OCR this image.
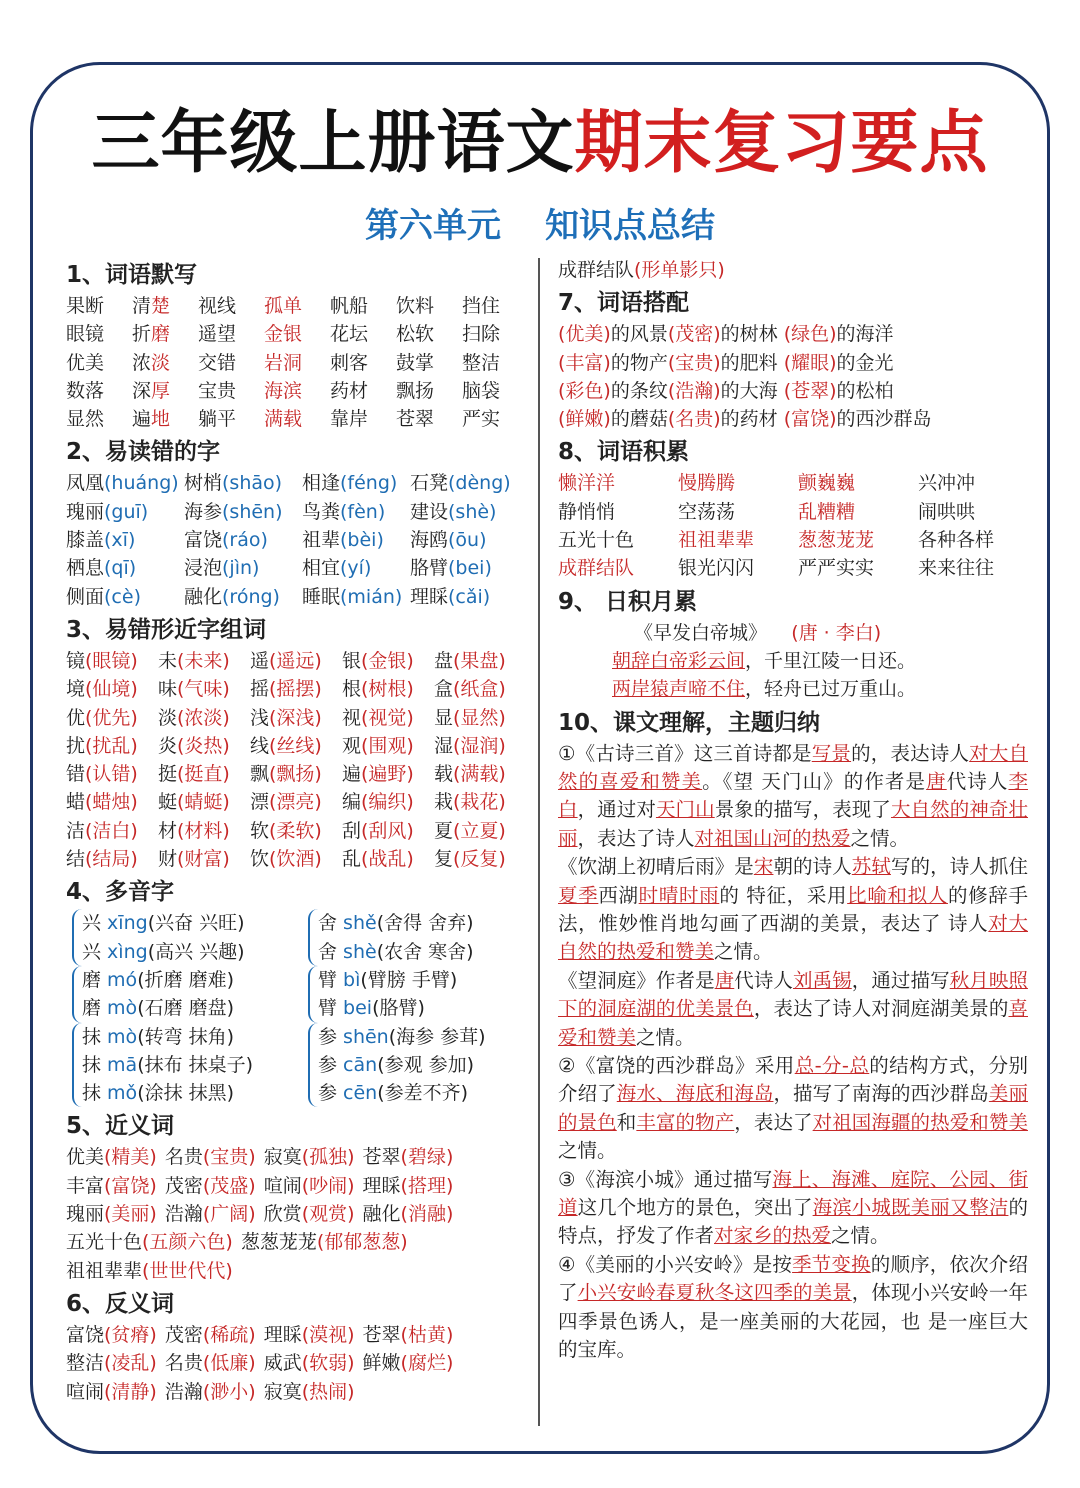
三年级上册语文期末复习要点
第六单元 知识点总结
1、词语默写
果断	清楚	视线	孤单	帆船	饮料	挡住
眼镜	折磨	遥望	金银	花坛	松软	扫除
优美	浓淡	交错	岩洞	刺客	鼓掌	整洁
数落	深厚	宝贵	海滨	药材	飘扬	脑袋
显然	遍地	躺平	满载	靠岸	苍翠	严实
2、易读错的字
凤凰(huáng) 树梢(shāo)	相逢(féng) 石凳(dèng)
瑰丽(guī)	海参(shēn)	鸟粪(fèn)	建设(shè)
膝盖(xī)	富饶(ráo)	祖辈(bèi)	海鸥(ōu)
栖息(qī)	浸泡(jìn)	相宜(yí)	胳臂(bei)
侧面(cè)	融化(róng)	睡眠(mián) 理睬(cǎi)
3、易错形近字组词
镜(眼镜)	未(未来)	遥(遥远)	银(金银)	盘(果盘)
境(仙境)	味(气味)	摇(摇摆)	根(树根)	盒(纸盒)
优(优先)	淡(浓淡)	浅(深浅)	视(视觉)	显(显然)
扰(扰乱)	炎(炎热)	线(丝线)	观(围观)	湿(湿润)
错(认错)	挺(挺直)	飘(飘扬)	遍(遍野)	载(满载)
蜡(蜡烛)	蜓(蜻蜓)	漂(漂亮)	编(编织)	栽(栽花)
洁(洁白)	材(材料)	软(柔软)	刮(刮风)	夏(立夏)
结(结局)	财(财富)	饮(饮酒)	乱(战乱)	复(反复)
4、多音字
兴 xīng(兴奋 兴旺)
兴 xìng(高兴 兴趣)
舍 shě(舍得 舍弃)
舍 shè(农舍 寒舍)
磨 mó(折磨 磨难)
磨 mò(石磨 磨盘)
臂 bì(臂膀 手臂)
臂 bei(胳臂)
抹 mò(转弯 抹角)
抹 mā(抹布 抹桌子)
抹 mǒ(涂抹 抹黑)
参 shēn(海参 参茸)
参 cān(参观 参加)
参 cēn(参差不齐)
5、近义词
优美(精美) 名贵(宝贵) 寂寞(孤独) 苍翠(碧绿)
丰富(富饶) 茂密(茂盛) 喧闹(吵闹) 理睬(搭理)
瑰丽(美丽) 浩瀚(广阔) 欣赏(观赏) 融化(消融)
五光十色(五颜六色) 葱葱茏茏(郁郁葱葱)
祖祖辈辈(世世代代)
6、反义词
富饶(贫瘠) 茂密(稀疏) 理睬(漠视) 苍翠(枯黄)
整洁(凌乱) 名贵(低廉) 威武(软弱) 鲜嫩(腐烂)
喧闹(清静) 浩瀚(渺小) 寂寞(热闹)
成群结队(形单影只)
7、词语搭配
(优美)的风景(茂密)的树林 (绿色)的海洋
(丰富)的物产(宝贵)的肥料 (耀眼)的金光
(彩色)的条纹(浩瀚)的大海 (苍翠)的松柏
(鲜嫩)的蘑菇(名贵)的药材 (富饶)的西沙群岛
8、词语积累
懒洋洋	慢腾腾	颤巍巍	兴冲冲
静悄悄	空荡荡	乱糟糟	闹哄哄
五光十色	祖祖辈辈	葱葱茏茏	各种各样
成群结队	银光闪闪	严严实实	来来往往
9、 日积月累
《早发白帝城》 (唐 · 李白)
朝辞白帝彩云间，千里江陵一日还。
两岸猿声啼不住，轻舟已过万重山。
10、课文理解，主题归纳
①《古诗三首》这三首诗都是写景的，表达诗人对大自然的喜爱和赞美。《望 天门山》的作者是唐代诗人李白，通过对天门山景象的描写，表现了大自然的神奇壮丽，表达了诗人对祖国山河的热爱之情。
《饮湖上初晴后雨》是宋朝的诗人苏轼写的，诗人抓住夏季西湖时晴时雨的 特征，采用比喻和拟人的修辞手法，惟妙惟肖地勾画了西湖的美景，表达了 诗人对大自然的热爱和赞美之情。
《望洞庭》作者是唐代诗人刘禹锡，通过描写秋月映照下的洞庭湖的优美景色，表达了诗人对洞庭湖美景的喜爱和赞美之情。
②《富饶的西沙群岛》采用总-分-总的结构方式，分别介绍了海水、海底和海岛，描写了南海的西沙群岛美丽的景色和丰富的物产，表达了对祖国海疆的热爱和赞美之情。
③《海滨小城》通过描写海上、海滩、庭院、公园、街道这几个地方的景色，突出了海滨小城既美丽又整洁的特点，抒发了作者对家乡的热爱之情。
④《美丽的小兴安岭》是按季节变换的顺序，依次介绍了小兴安岭春夏秋冬这四季的美景，体现小兴安岭一年四季景色诱人，是一座美丽的大花园，也 是一座巨大的宝库。
